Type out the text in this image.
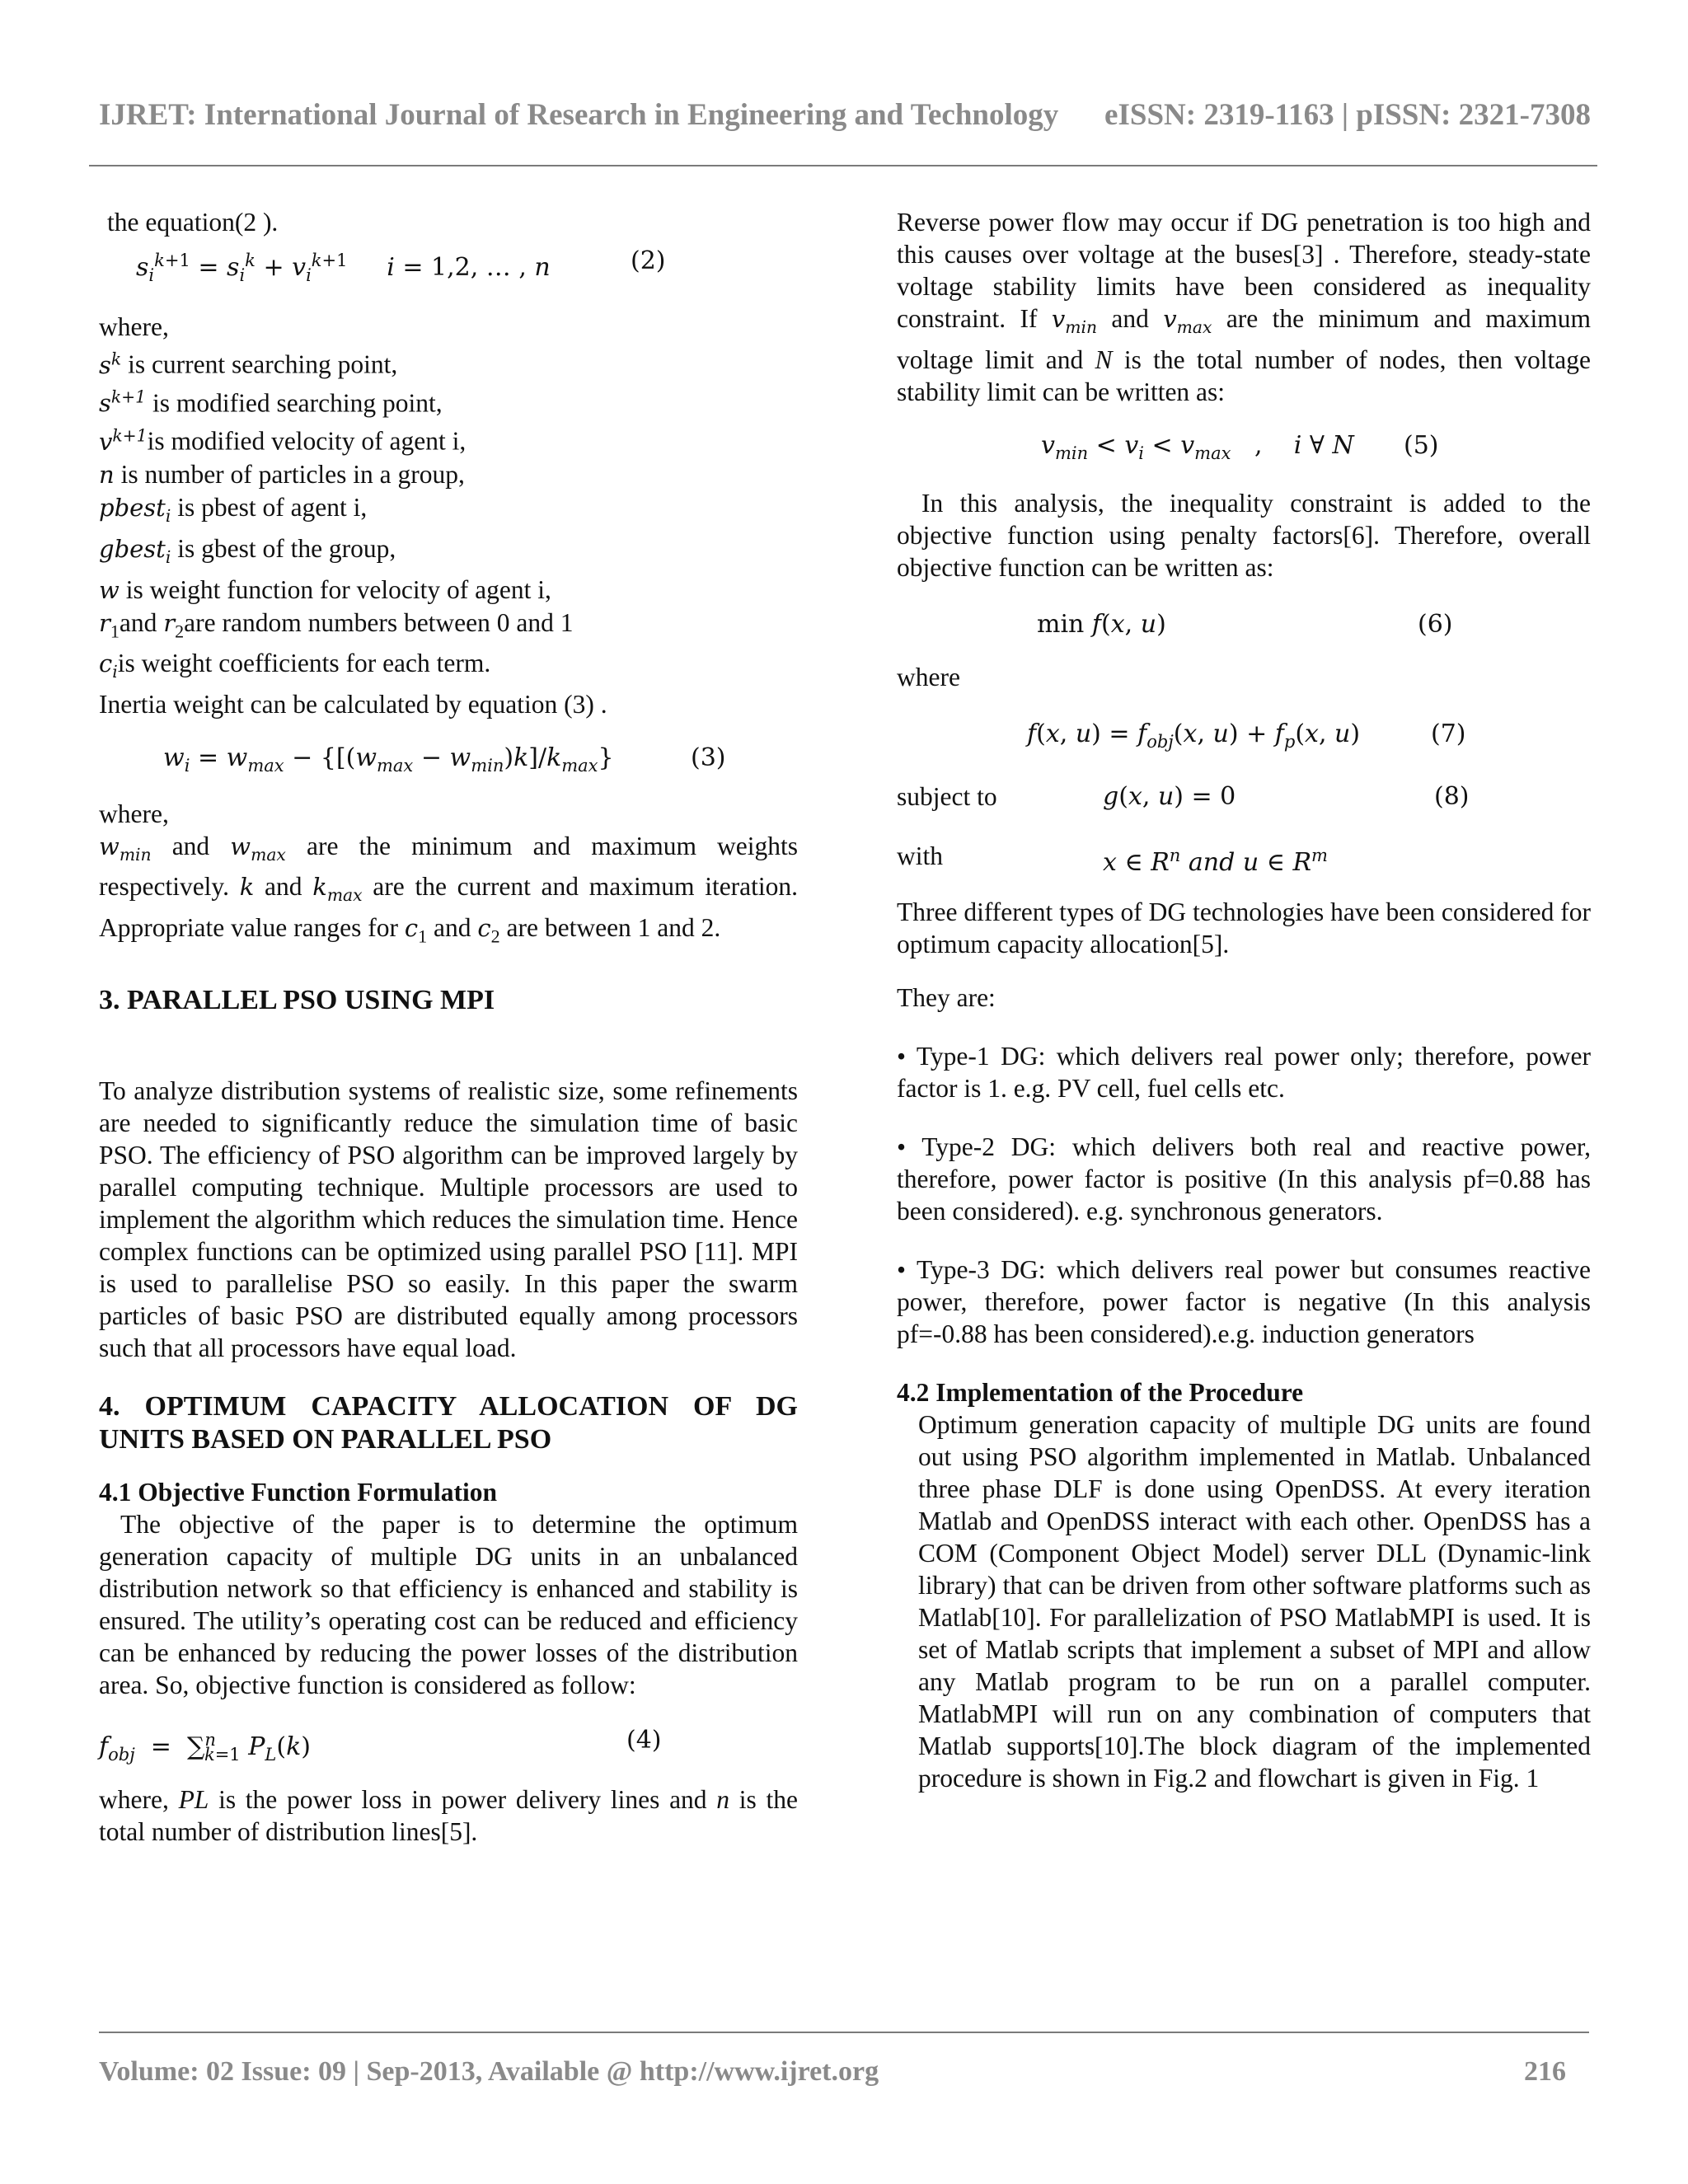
IJRET: International Journal of Research in Engineering and Technology eISSN: 2319-1163 | pISSN: 2321-7308

the equation(2 ).

$s_i^{k+1} = s_i^k + v_i^{k+1}$ i = 1,2, … , n	(2)

where,

$s^k$ is current searching point,

$s^{k+1}$ is modified searching point,

$v^{k+1}is$ modified velocity of agent i,

n is number of particles in a group,

pbest$_i$ is pbest of agent i,

gbest$_i$ is gbest of the group,

w is weight function for velocity of agent i,

$r_1and$ $r_2are$ random numbers between 0 and 1

$c_iis$ weight coefficients for each term.

Inertia weight can be calculated by equation (3) .

$w_i = w_{max} - \{[(w_{max} - w_{min})k]/k_{max}\}$	(3)

where,

$w_{min}$ and $w_{max}$ are the minimum and maximum weights respectively. k and $k_{max}$ are the current and maximum iteration. Appropriate value ranges for $c_1$ and $c_2$ are between 1 and 2.

3. PARALLEL PSO USING MPI

To analyze distribution systems of realistic size, some refinements are needed to significantly reduce the simulation time of basic PSO. The efficiency of PSO algorithm can be improved largely by parallel computing technique. Multiple processors are used to implement the algorithm which reduces the simulation time. Hence complex functions can be optimized using parallel PSO [11]. MPI is used to parallelise PSO so easily. In this paper the swarm particles of basic PSO are distributed equally among processors such that all processors have equal load.

4. OPTIMUM CAPACITY ALLOCATION OF DG UNITS BASED ON PARALLEL PSO

4.1 Objective Function Formulation

The objective of the paper is to determine the optimum generation capacity of multiple DG units in an unbalanced distribution network so that efficiency is enhanced and stability is ensured. The utility’s operating cost can be reduced and efficiency can be enhanced by reducing the power losses of the distribution area. So, objective function is considered as follow:

$f_{obj} = \sum^n_{k=1}$ $P_L(k)$	(4)

where, PL is the power loss in power delivery lines and n is the total number of distribution lines[5].

Reverse power flow may occur if DG penetration is too high and this causes over voltage at the buses[3] . Therefore, steady-state voltage stability limits have been considered as inequality constraint. If $v_{min}$ and $v_{max}$ are the minimum and maximum voltage limit and N is the total number of nodes, then voltage stability limit can be written as:

$v_{min} < v_i < v_{max}$   ,    i ∀ N (5)

In this analysis, the inequality constraint is added to the objective function using penalty factors[6]. Therefore, overall objective function can be written as:

min f(x, u)	(6)

where

f(x, $u) = f_{obj}(x$, $u) + f_p(x$, u)	(7)
subject to	g(x, u) = 0	(8)
with	x ∈ $R^n$ and u ∈ $R^m$

Three different types of DG technologies have been considered for optimum capacity allocation[5].

They are:

• Type-1 DG: which delivers real power only; therefore, power factor is 1. e.g. PV cell, fuel cells etc.

• Type-2 DG: which delivers both real and reactive power, therefore, power factor is positive (In this analysis pf=0.88 has been considered). e.g. synchronous generators.

• Type-3 DG: which delivers real power but consumes reactive power, therefore, power factor is negative (In this analysis pf=-0.88 has been considered).e.g. induction generators

4.2 Implementation of the Procedure

Optimum generation capacity of multiple DG units are found out using PSO algorithm implemented in Matlab. Unbalanced three phase DLF is done using OpenDSS. At every iteration Matlab and OpenDSS interact with each other. OpenDSS has a COM (Component Object Model) server DLL (Dynamic-link library) that can be driven from other software platforms such as Matlab[10]. For parallelization of PSO MatlabMPI is used. It is set of Matlab scripts that implement a subset of MPI and allow any Matlab program to be run on a parallel computer. MatlabMPI will run on any combination of computers that Matlab supports[10].The block diagram of the implemented procedure is shown in Fig.2 and flowchart is given in Fig. 1

Volume: 02 Issue: 09 | Sep-2013, Available @ http://www.ijret.org	216
